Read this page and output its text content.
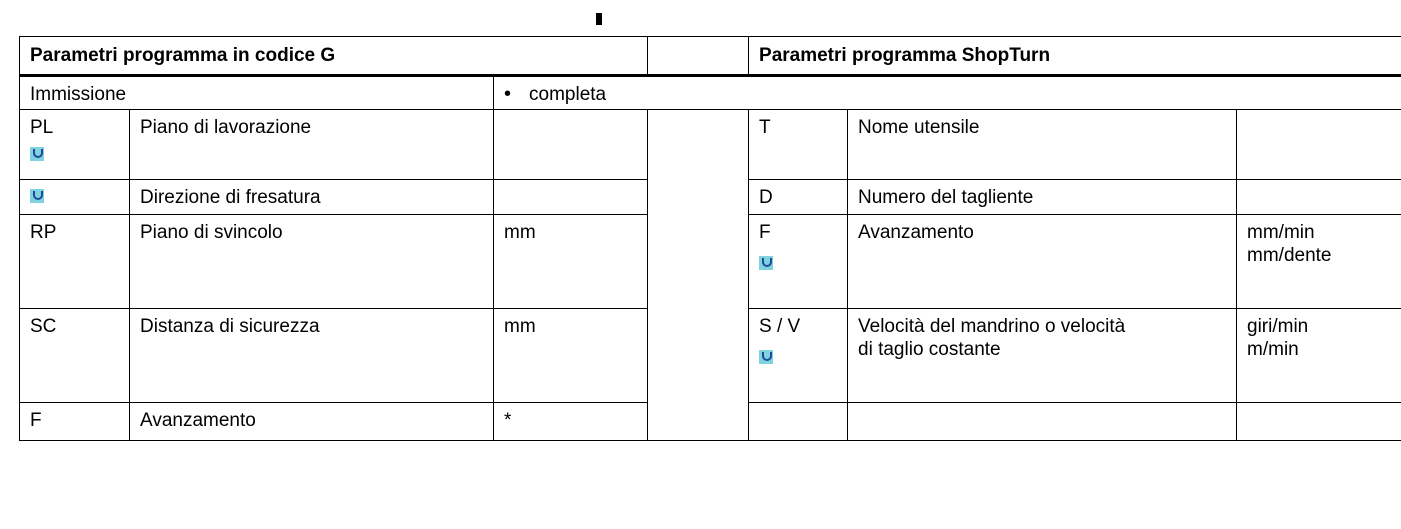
Parametri programma in codice G				Parametri programma ShopTurn		
Immissione		• completa				
PL	Piano di lavorazione			T	Nome utensile	
	Direzione di fresatura			D	Numero del tagliente	
RP	Piano di svincolo	mm		F	Avanzamento	mm/min
mm/dente

SC	Distanza di sicurezza	mm		S / V	Velocità del mandrino o velocità
di taglio costante	giri/min
m/min

F	Avanzamento	*				
